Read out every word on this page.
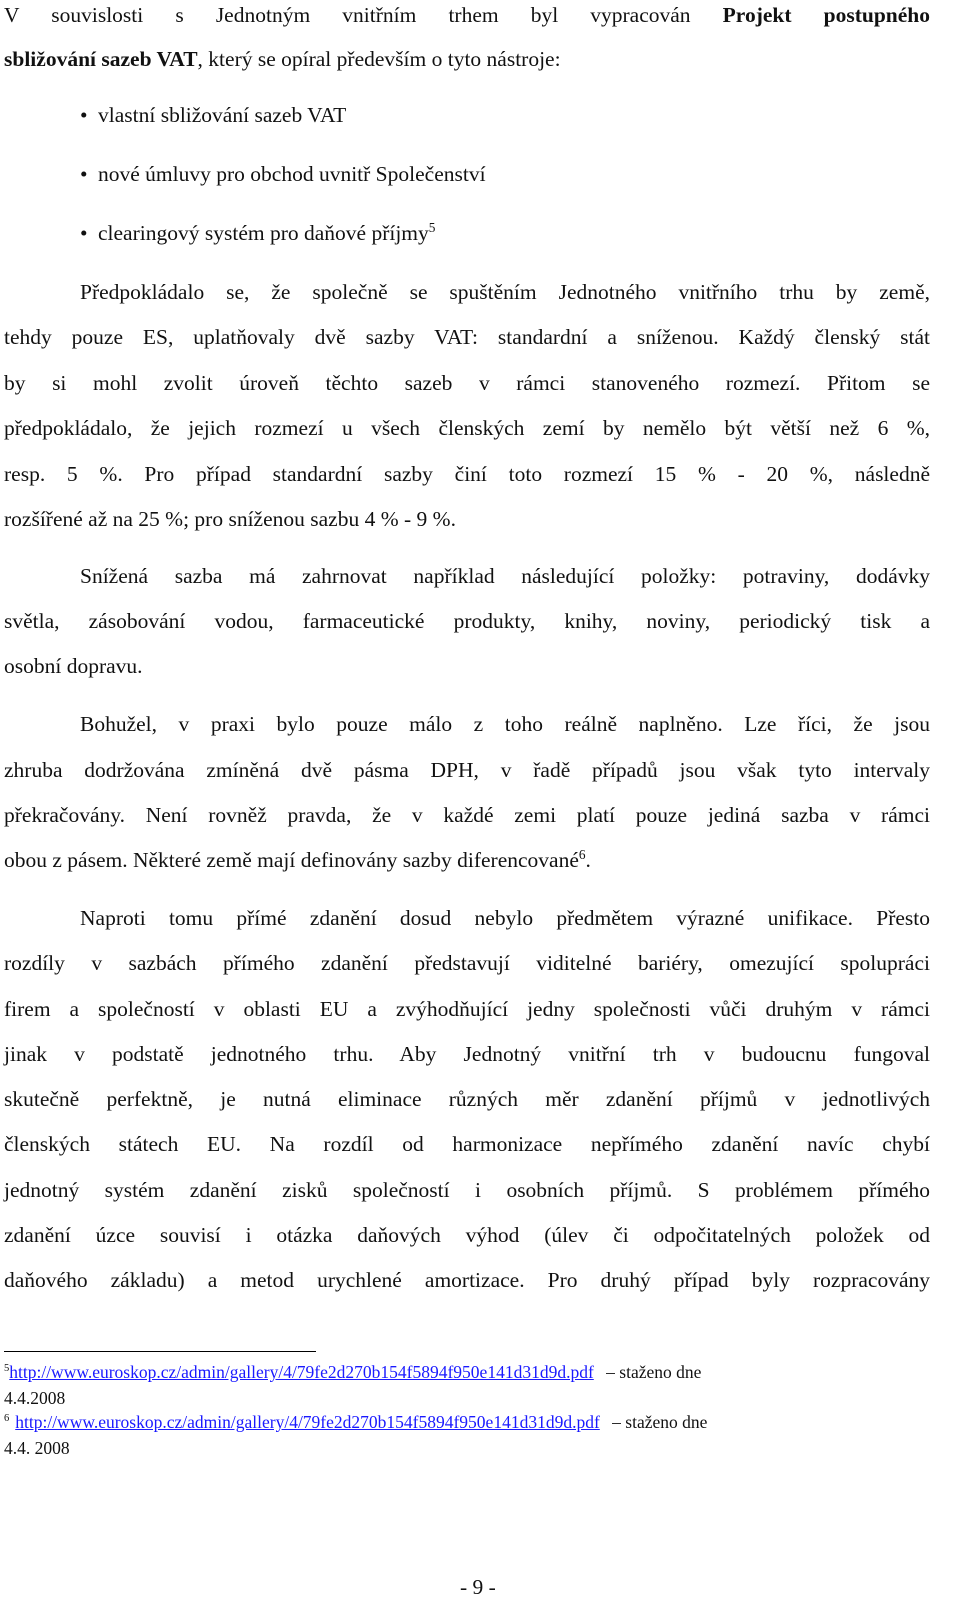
V souvislosti s Jednotným vnitřním trhem byl vypracován Projekt postupného
sbližování sazeb VAT, který se opíral především o tyto nástroje:
• vlastní sbližování sazeb VAT
• nové úmluvy pro obchod uvnitř Společenství
• clearingový systém pro daňové příjmy$^5$
Předpokládalo se, že společně se spuštěním Jednotného vnitřního trhu by země,
tehdy pouze ES, uplatňovaly dvě sazby VAT: standardní a sníženou. Každý členský stát
by si mohl zvolit úroveň těchto sazeb v rámci stanoveného rozmezí. Přitom se
předpokládalo, že jejich rozmezí u všech členských zemí by nemělo být větší než 6 %,
resp. 5 %. Pro případ standardní sazby činí toto rozmezí 15 % - 20 %, následně
rozšířené až na 25 %; pro sníženou sazbu 4 % - 9 %.
Snížená sazba má zahrnovat například následující položky: potraviny, dodávky
světla, zásobování vodou, farmaceutické produkty, knihy, noviny, periodický tisk a
osobní dopravu.
Bohužel, v praxi bylo pouze málo z toho reálně naplněno. Lze říci, že jsou
zhruba dodržována zmíněná dvě pásma DPH, v řadě případů jsou však tyto intervaly
překračovány. Není rovněž pravda, že v každé zemi platí pouze jediná sazba v rámci
obou z pásem. Některé země mají definovány sazby diferencované$^6$.
Naproti tomu přímé zdanění dosud nebylo předmětem výrazné unifikace. Přesto
rozdíly v sazbách přímého zdanění představují viditelné bariéry, omezující spolupráci
firem a společností v oblasti EU a zvýhodňující jedny společnosti vůči druhým v rámci
jinak v podstatě jednotného trhu. Aby Jednotný vnitřní trh v budoucnu fungoval
skutečně perfektně, je nutná eliminace různých měr zdanění příjmů v jednotlivých
členských státech EU. Na rozdíl od harmonizace nepřímého zdanění navíc chybí
jednotný systém zdanění zisků společností i osobních příjmů. S problémem přímého
zdanění úzce souvisí i otázka daňových výhod (úlev či odpočitatelných položek od
daňového základu) a metod urychlené amortizace. Pro druhý případ byly rozpracovány
$^5$http://www.euroskop.cz/admin/gallery/4/79fe2d270b154f5894f950e141d31d9d.pdf – staženo dne
4.4.2008
$^6$ http://www.euroskop.cz/admin/gallery/4/79fe2d270b154f5894f950e141d31d9d.pdf – staženo dne
4.4. 2008
- 9 -
